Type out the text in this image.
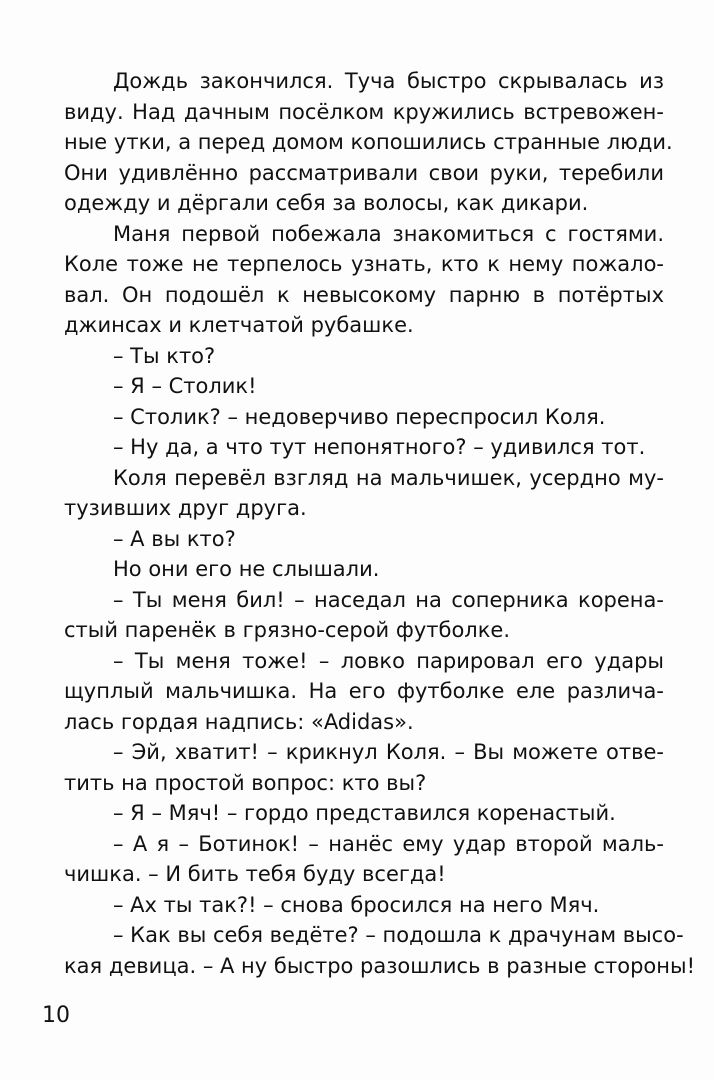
Дождь закончился. Туча быстро скрывалась из
виду. Над дачным посёлком кружились встревожен-
ные утки, а перед домом копошились странные люди.
Они удивлённо рассматривали свои руки, теребили
одежду и дёргали себя за волосы, как дикари.
Маня первой побежала знакомиться с гостями.
Коле тоже не терпелось узнать, кто к нему пожало-
вал. Он подошёл к невысокому парню в потёртых
джинсах и клетчатой рубашке.
– Ты кто?
– Я – Столик!
– Столик? – недоверчиво переспросил Коля.
– Ну да, а что тут непонятного? – удивился тот.
Коля перевёл взгляд на мальчишек, усердно му-
тузивших друг друга.
– А вы кто?
Но они его не слышали.
– Ты меня бил! – наседал на соперника корена-
стый паренёк в грязно-серой футболке.
– Ты меня тоже! – ловко парировал его удары
щуплый мальчишка. На его футболке еле различа-
лась гордая надпись: «Adidas».
– Эй, хватит! – крикнул Коля. – Вы можете отве-
тить на простой вопрос: кто вы?
– Я – Мяч! – гордо представился коренастый.
– А я – Ботинок! – нанёс ему удар второй маль-
чишка. – И бить тебя буду всегда!
– Ах ты так?! – снова бросился на него Мяч.
– Как вы себя ведёте? – подошла к драчунам высо-
кая девица. – А ну быстро разошлись в разные стороны!
10
